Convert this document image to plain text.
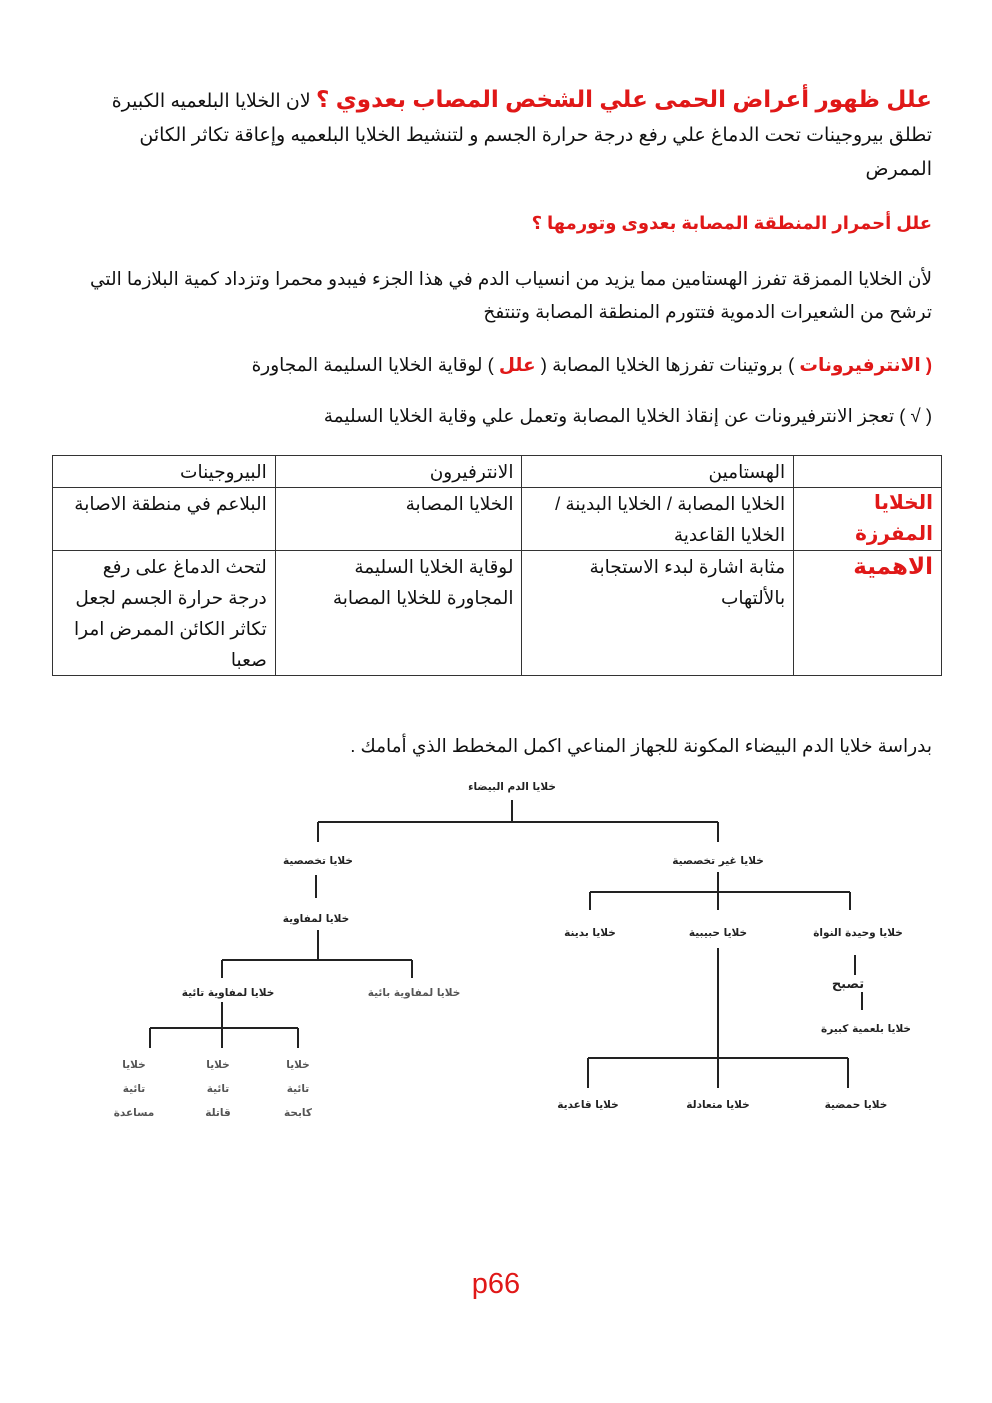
علل ظهور أعراض الحمى علي الشخص المصاب بعدوي ؟ لان الخلايا البلعميه الكبيرة تطلق بيروجينات تحت الدماغ علي رفع درجة حرارة الجسم و لتنشيط الخلايا البلعميه وإعاقة تكاثر الكائن الممرض
علل أحمرار المنطقة المصابة بعدوى وتورمها ؟
لأن الخلايا الممزقة تفرز الهستامين مما يزيد من انسياب الدم في هذا الجزء فيبدو محمرا وتزداد كمية البلازما التي ترشح من الشعيرات الدموية فتتورم المنطقة المصابة وتنتفخ
( الانترفيرونات ) بروتينات تفرزها الخلايا المصابة ( علل ) لوقاية الخلايا السليمة المجاورة
( √ ) تعجز الانترفيرونات عن إنقاذ الخلايا المصابة وتعمل علي وقاية الخلايا السليمة
	الهستامين	الانترفيرون	البيروجينات
الخلايا المفرزة	الخلايا المصابة / الخلايا البدينة / الخلايا القاعدية	الخلايا المصابة	البلاعم في منطقة الاصابة
الاهمية	مثابة اشارة لبدء الاستجابة بالألتهاب	لوقاية الخلايا السليمة المجاورة للخلايا المصابة	لتحث الدماغ على رفع درجة حرارة الجسم لجعل تكاثر الكائن الممرض امرا صعبا
بدراسة خلايا الدم البيضاء المكونة للجهاز المناعي اكمل المخطط الذي أمامك .
خلايا الدم البيضاء
خلايا تخصصية	خلايا غير تخصصية
خلايا لمفاوية
خلايا لمفاوية تائية	خلايا لمفاوية بائية
خلايا
تائية
كابحة
خلايا
تائية
قاتلة
خلايا
تائية
مساعدة
خلايا وحيدة النواة
خلايا حبيبية
خلايا بدينة
تصبح
خلايا بلعمية كبيرة
خلايا حمضية
خلايا متعادلة
خلايا قاعدية
p66
